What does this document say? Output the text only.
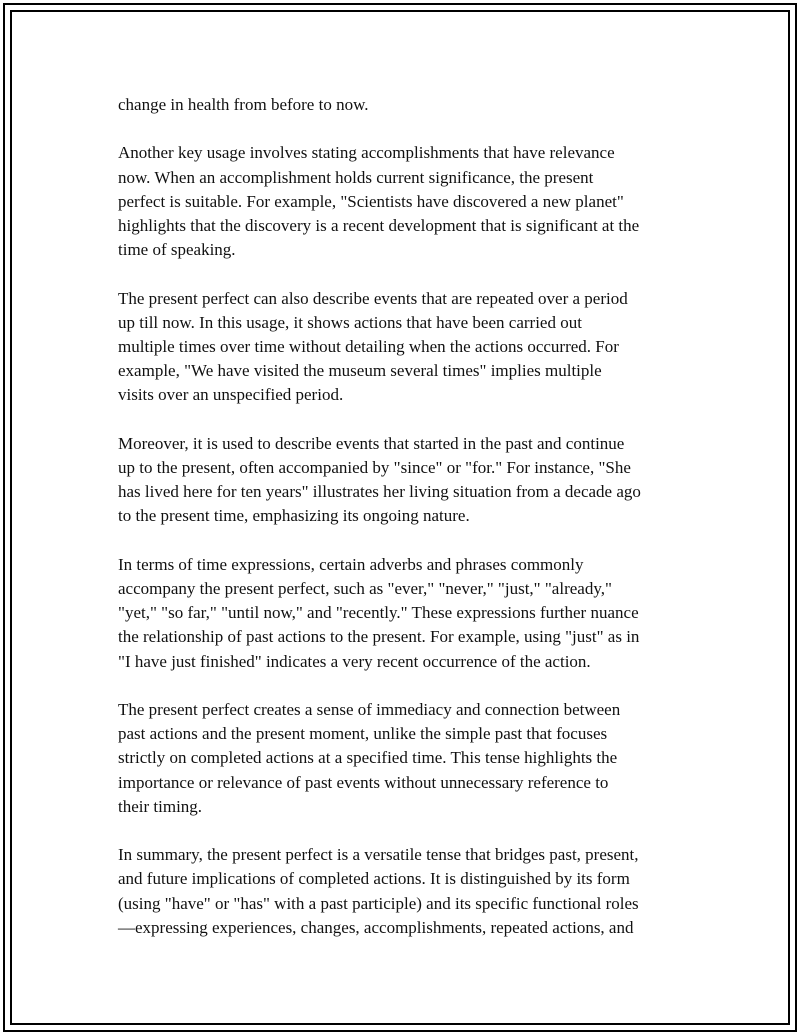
change in health from before to now.

Another key usage involves stating accomplishments that have relevance
now. When an accomplishment holds current significance, the present
perfect is suitable. For example, "Scientists have discovered a new planet"
highlights that the discovery is a recent development that is significant at the
time of speaking.

The present perfect can also describe events that are repeated over a period
up till now. In this usage, it shows actions that have been carried out
multiple times over time without detailing when the actions occurred. For
example, "We have visited the museum several times" implies multiple
visits over an unspecified period.

Moreover, it is used to describe events that started in the past and continue
up to the present, often accompanied by "since" or "for." For instance, "She
has lived here for ten years" illustrates her living situation from a decade ago
to the present time, emphasizing its ongoing nature.

In terms of time expressions, certain adverbs and phrases commonly
accompany the present perfect, such as "ever," "never," "just," "already,"
"yet," "so far," "until now," and "recently." These expressions further nuance
the relationship of past actions to the present. For example, using "just" as in
"I have just finished" indicates a very recent occurrence of the action.

The present perfect creates a sense of immediacy and connection between
past actions and the present moment, unlike the simple past that focuses
strictly on completed actions at a specified time. This tense highlights the
importance or relevance of past events without unnecessary reference to
their timing.

In summary, the present perfect is a versatile tense that bridges past, present,
and future implications of completed actions. It is distinguished by its form
(using "have" or "has" with a past participle) and its specific functional roles
—expressing experiences, changes, accomplishments, repeated actions, and
